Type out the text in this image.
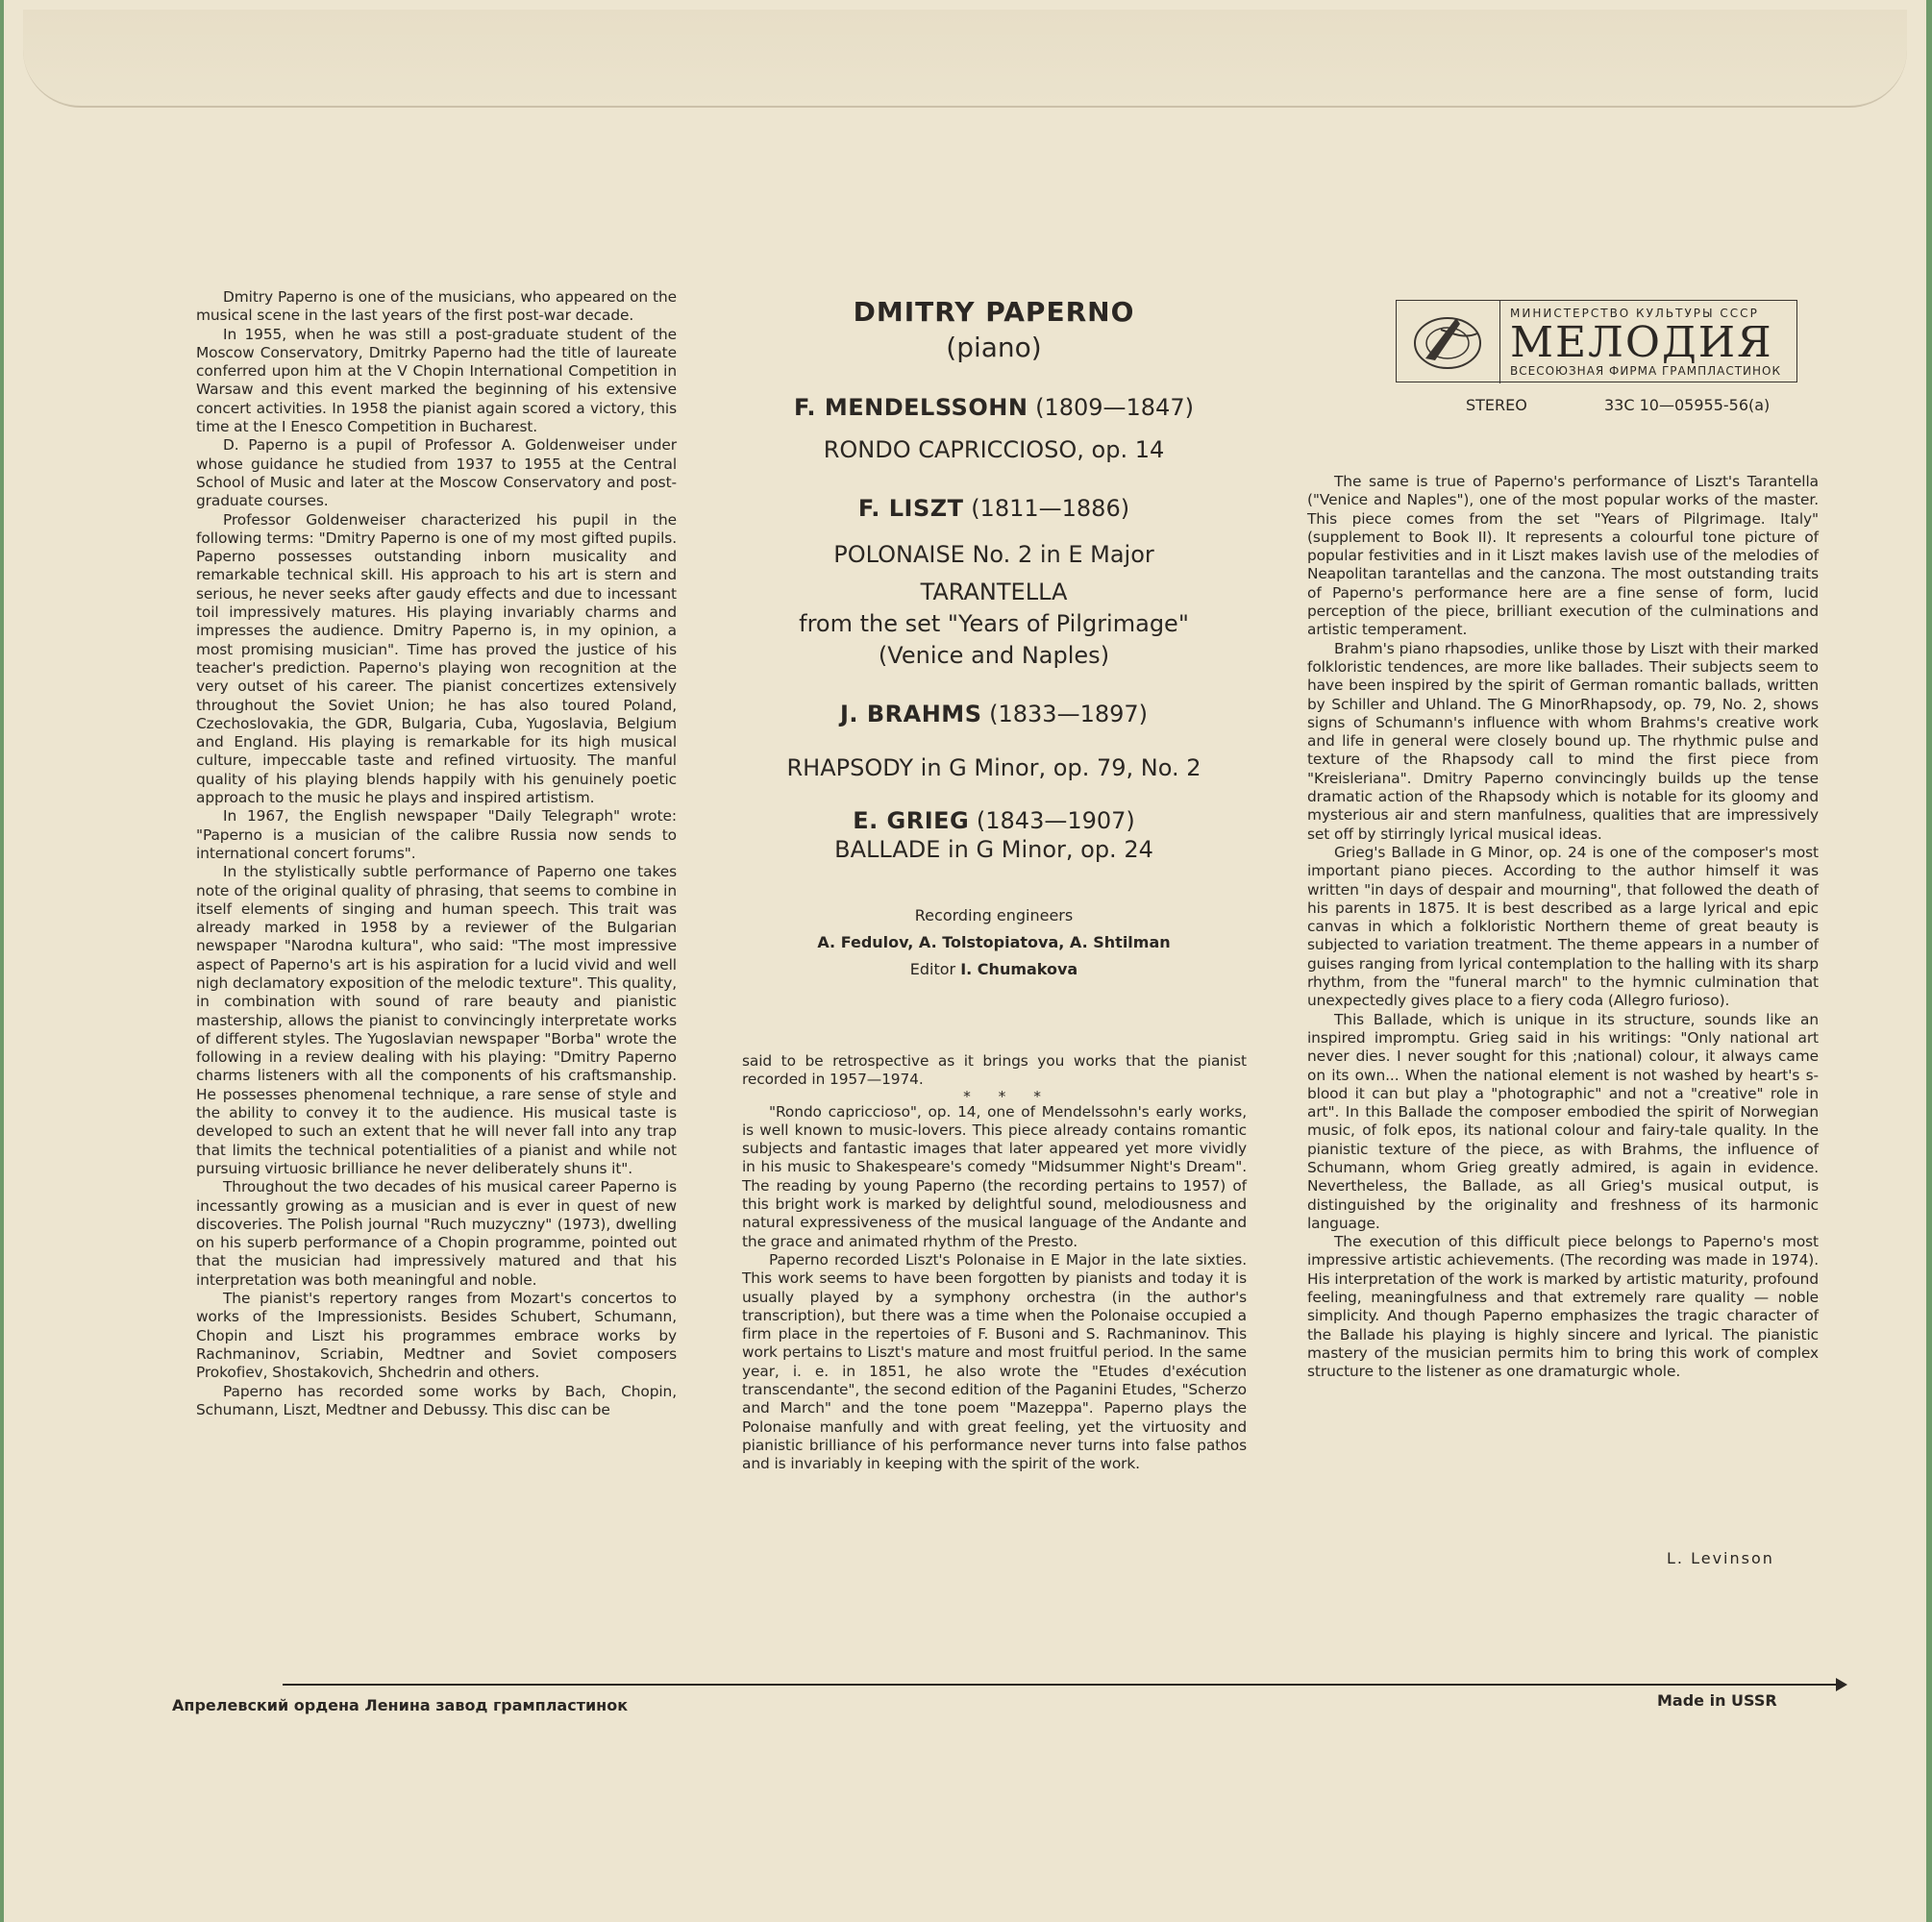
Dmitry Paperno is one of the musicians, who appeared on the musical scene in the last years of the first post-war decade.

In 1955, when he was still a post-graduate student of the Moscow Conservatory, Dmitrky Paperno had the title of laureate conferred upon him at the V Chopin International Competition in Warsaw and this event marked the beginning of his extensive concert activities. In 1958 the pianist again scored a victory, this time at the I Enesco Competition in Bucharest.

D. Paperno is a pupil of Professor A. Goldenweiser under whose guidance he studied from 1937 to 1955 at the Central School of Music and later at the Moscow Conservatory and post-graduate courses.

Professor Goldenweiser characterized his pupil in the following terms: "Dmitry Paperno is one of my most gifted pupils. Paperno possesses outstanding inborn musicality and remarkable technical skill. His approach to his art is stern and serious, he never seeks after gaudy effects and due to incessant toil impressively matures. His playing invariably charms and impresses the audience. Dmitry Paperno is, in my opinion, a most promising musician". Time has proved the justice of his teacher's prediction. Paperno's playing won recognition at the very outset of his career. The pianist concertizes extensively throughout the Soviet Union; he has also toured Poland, Czechoslovakia, the GDR, Bulgaria, Cuba, Yugoslavia, Belgium and England. His playing is remarkable for its high musical culture, impeccable taste and refined virtuosity. The manful quality of his playing blends happily with his genuinely poetic approach to the music he plays and inspired artistism.

In 1967, the English newspaper "Daily Telegraph" wrote: "Paperno is a musician of the calibre Russia now sends to international concert forums".

In the stylistically subtle performance of Paperno one takes note of the original quality of phrasing, that seems to combine in itself elements of singing and human speech. This trait was already marked in 1958 by a reviewer of the Bulgarian newspaper "Narodna kultura", who said: "The most impressive aspect of Paperno's art is his aspiration for a lucid vivid and well nigh declamatory exposition of the melodic texture". This quality, in combination with sound of rare beauty and pianistic mastership, allows the pianist to convincingly interpretate works of different styles. The Yugoslavian newspaper "Borba" wrote the following in a review dealing with his playing: "Dmitry Paperno charms listeners with all the components of his craftsmanship. He possesses phenomenal technique, a rare sense of style and the ability to convey it to the audience. His musical taste is developed to such an extent that he will never fall into any trap that limits the technical potentialities of a pianist and while not pursuing virtuosic brilliance he never deliberately shuns it".

Throughout the two decades of his musical career Paperno is incessantly growing as a musician and is ever in quest of new discoveries. The Polish journal "Ruch muzyczny" (1973), dwelling on his superb performance of a Chopin programme, pointed out that the musician had impressively matured and that his interpretation was both meaningful and noble.

The pianist's repertory ranges from Mozart's concertos to works of the Impressionists. Besides Schubert, Schumann, Chopin and Liszt his programmes embrace works by Rachmaninov, Scriabin, Medtner and Soviet composers Prokofiev, Shostakovich, Shchedrin and others.

Paperno has recorded some works by Bach, Chopin, Schumann, Liszt, Medtner and Debussy. This disc can be

DMITRY PAPERNO
(piano)
F. MENDELSSOHN (1809—1847)
RONDO CAPRICCIOSO, op. 14
F. LISZT (1811—1886)
POLONAISE No. 2 in E Major
TARANTELLA
from the set "Years of Pilgrimage"
(Venice and Naples)
J. BRAHMS (1833—1897)
RHAPSODY in G Minor, op. 79, No. 2
E. GRIEG (1843—1907)
BALLADE in G Minor, op. 24
Recording engineers
A. Fedulov, A. Tolstopiatova, A. Shtilman
Editor I. Chumakova
МИНИСТЕРСТВО КУЛЬТУРЫ СССР
МЕЛОДИЯ
ВСЕСОЮЗНАЯ ФИРМА ГРАМПЛАСТИНОК
STEREO	33С 10—05955-56(а)

said to be retrospective as it brings you works that the pianist recorded in 1957—1974.

* * *

"Rondo capriccioso", op. 14, one of Mendelssohn's early works, is well known to music-lovers. This piece already contains romantic subjects and fantastic images that later appeared yet more vividly in his music to Shakespeare's comedy "Midsummer Night's Dream". The reading by young Paperno (the recording pertains to 1957) of this bright work is marked by delightful sound, melodiousness and natural expressiveness of the musical language of the Andante and the grace and animated rhythm of the Presto.

Paperno recorded Liszt's Polonaise in E Major in the late sixties. This work seems to have been forgotten by pianists and today it is usually played by a symphony orchestra (in the author's transcription), but there was a time when the Polonaise occupied a firm place in the repertoies of F. Busoni and S. Rachmaninov. This work pertains to Liszt's mature and most fruitful period. In the same year, i. e. in 1851, he also wrote the "Etudes d'exécution transcendante", the second edition of the Paganini Etudes, "Scherzo and March" and the tone poem "Mazeppa". Paperno plays the Polonaise manfully and with great feeling, yet the virtuosity and pianistic brilliance of his performance never turns into false pathos and is invariably in keeping with the spirit of the work.

The same is true of Paperno's performance of Liszt's Tarantella ("Venice and Naples"), one of the most popular works of the master. This piece comes from the set "Years of Pilgrimage. Italy" (supplement to Book II). It represents a colourful tone picture of popular festivities and in it Liszt makes lavish use of the melodies of Neapolitan tarantellas and the canzona. The most outstanding traits of Paperno's performance here are a fine sense of form, lucid perception of the piece, brilliant execution of the culminations and artistic temperament.

Brahm's piano rhapsodies, unlike those by Liszt with their marked folkloristic tendences, are more like ballades. Their subjects seem to have been inspired by the spirit of German romantic ballads, written by Schiller and Uhland. The G MinorRhapsody, op. 79, No. 2, shows signs of Schumann's influence with whom Brahms's creative work and life in general were closely bound up. The rhythmic pulse and texture of the Rhapsody call to mind the first piece from "Kreisleriana". Dmitry Paperno convincingly builds up the tense dramatic action of the Rhapsody which is notable for its gloomy and mysterious air and stern manfulness, qualities that are impressively set off by stirringly lyrical musical ideas.

Grieg's Ballade in G Minor, op. 24 is one of the composer's most important piano pieces. According to the author himself it was written "in days of despair and mourning", that followed the death of his parents in 1875. It is best described as a large lyrical and epic canvas in which a folkloristic Northern theme of great beauty is subjected to variation treatment. The theme appears in a number of guises ranging from lyrical contemplation to the halling with its sharp rhythm, from the "funeral march" to the hymnic culmination that unexpectedly gives place to a fiery coda (Allegro furioso).

This Ballade, which is unique in its structure, sounds like an inspired impromptu. Grieg said in his writings: "Only national art never dies. I never sought for this ;national) colour, it always came on its own... When the national element is not washed by heart's s-blood it can but play a "photographic" and not a "creative" role in art". In this Ballade the composer embodied the spirit of Norwegian music, of folk epos, its national colour and fairy-tale quality. In the pianistic texture of the piece, as with Brahms, the influence of Schumann, whom Grieg greatly admired, is again in evidence. Nevertheless, the Ballade, as all Grieg's musical output, is distinguished by the originality and freshness of its harmonic language.

The execution of this difficult piece belongs to Paperno's most impressive artistic achievements. (The recording was made in 1974). His interpretation of the work is marked by artistic maturity, profound feeling, meaningfulness and that extremely rare quality — noble simplicity. And though Paperno emphasizes the tragic character of the Ballade his playing is highly sincere and lyrical. The pianistic mastery of the musician permits him to bring this work of complex structure to the listener as one dramaturgic whole.

L. Levinson
Апрелевский ордена Ленина завод грампластинок	Made in USSR
